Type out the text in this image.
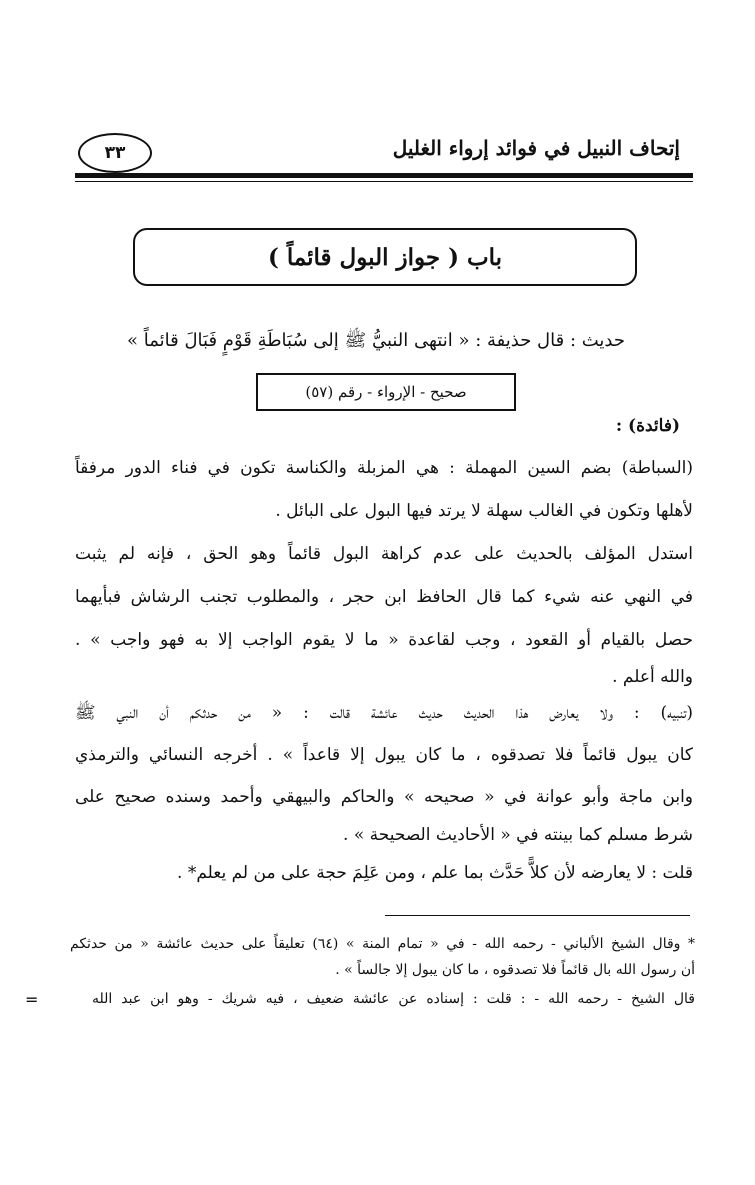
إتحاف النبيل في فوائد إرواء الغليل
٣٣
باب ( جواز البول قائماً )
حديث : قال حذيفة : « انتهى النبيُّ ﷺ إلى سُبَاطَةِ قَوْمٍ فَبَالَ قائماً »
صحيح - الإرواء - رقم (٥٧)
(فائدة) :
(السباطة) بضم السين المهملة : هي المزبلة والكناسة تكون في فناء الدور مرفقاً
لأهلها وتكون في الغالب سهلة لا يرتد فيها البول على البائل .
استدل المؤلف بالحديث على عدم كراهة البول قائماً وهو الحق ، فإنه لم يثبت
في النهي عنه شيء كما قال الحافظ ابن حجر ، والمطلوب تجنب الرشاش فبأيهما
حصل بالقيام أو القعود ، وجب لقاعدة « ما لا يقوم الواجب إلا به فهو واجب » .
والله أعلم .
(تنبيه) : ولا يعارض هذا الحديث حديث عائشة قالت : « من حدثكم أن النبي ﷺ
كان يبول قائماً فلا تصدقوه ، ما كان يبول إلا قاعداً » . أخرجه النسائي والترمذي
وابن ماجة وأبو عوانة في « صحيحه » والحاكم والبيهقي وأحمد وسنده صحيح على
شرط مسلم كما بينته في « الأحاديث الصحيحة » .
قلت : لا يعارضه لأن كلاًّ حَدَّث بما علم ، ومن عَلِمَ حجة على من لم يعلم* .
* وقال الشيخ الألباني - رحمه الله - في « تمام المنة » (٦٤) تعليقاً على حديث عائشة « من حدثكم
أن رسول الله بال قائماً فلا تصدقوه ، ما كان يبول إلا جالساً » .
قال الشيخ - رحمه الله - : قلت : إسناده عن عائشة ضعيف ، فيه شريك - وهو ابن عبد الله
=
